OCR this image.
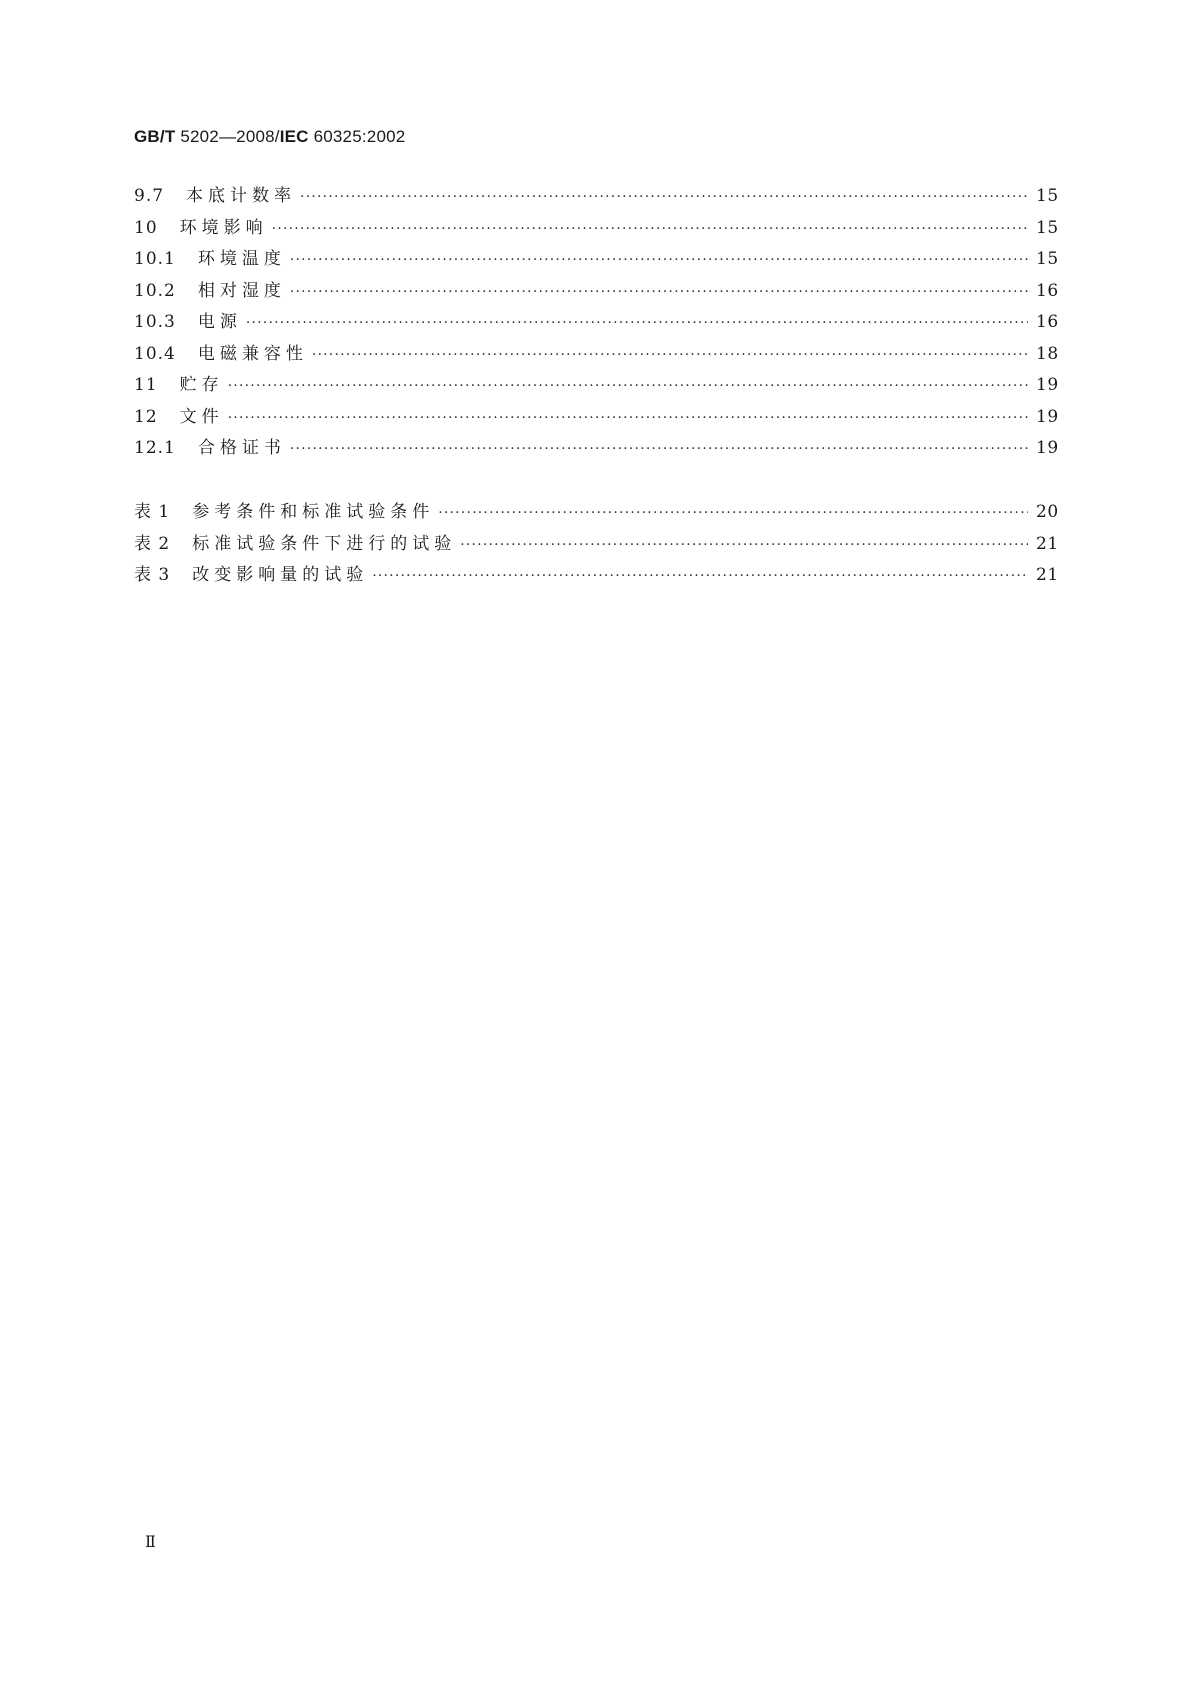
GB/T 5202—2008/IEC 60325:2002
9.7 本底计数率 ·····	15
10 环境影响 ·····	15
10.1 环境温度 ·····	15
10.2 相对湿度 ·····	16
10.3 电源 ·····	16
10.4 电磁兼容性 ·····	18
11 贮存 ·····	19
12 文件 ·····	19
12.1 合格证书 ·····	19
表 1 参考条件和标准试验条件 ·····	20
表 2 标准试验条件下进行的试验 ·····	21
表 3 改变影响量的试验 ·····	21
Ⅱ
